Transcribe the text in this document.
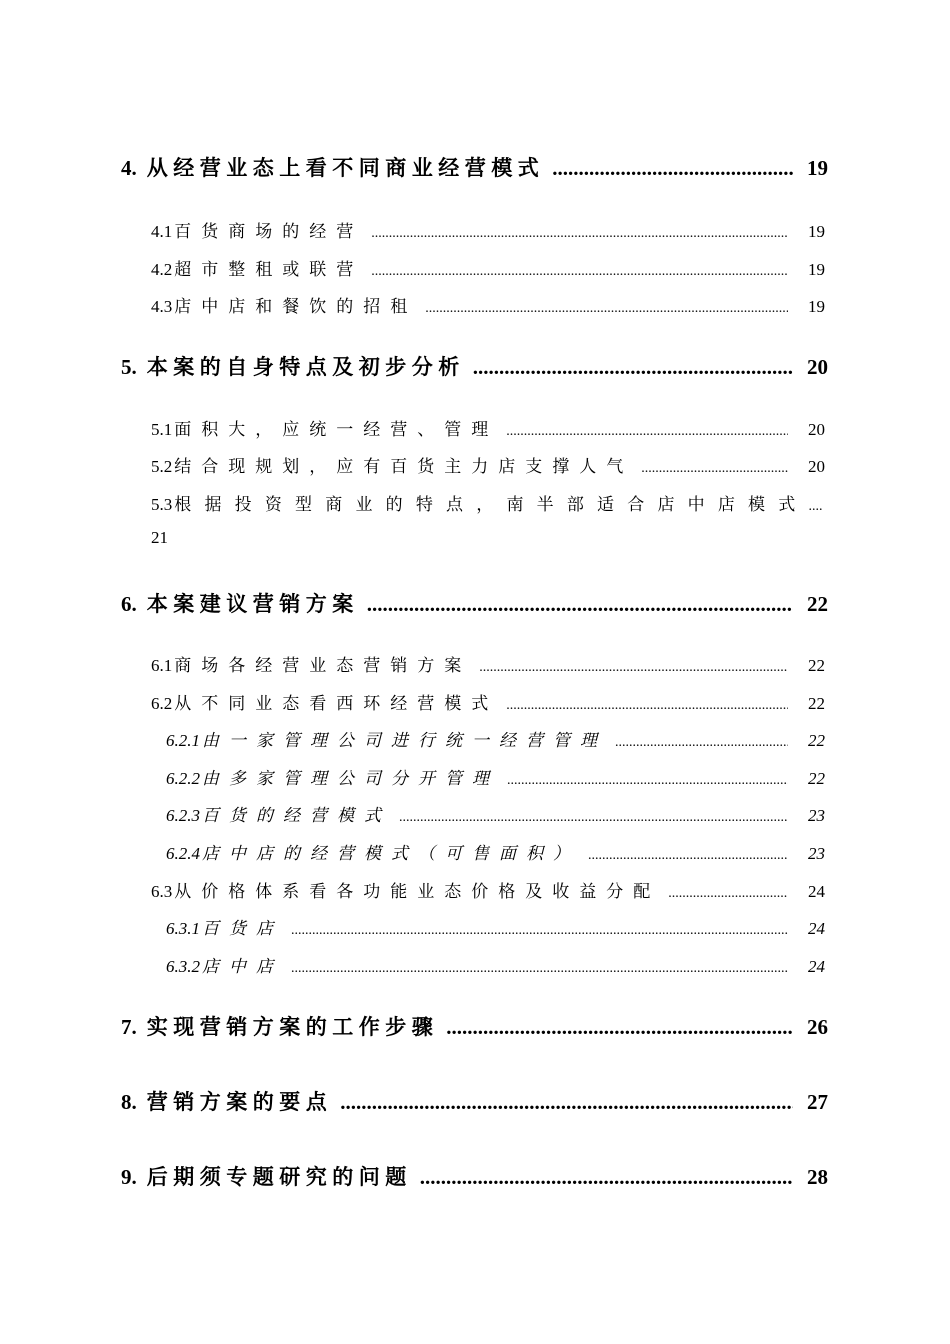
4. 从经营业态上看不同商业经营模式 .....	19
4.1 百货商场的经营 .....	19
4.2 超市整租或联营 .....	19
4.3 店中店和餐饮的招租 .....	19
5. 本案的自身特点及初步分析 .....	20
5.1 面积大，应统一经营、管理 .....	20
5.2 结合现规划，应有百货主力店支撑人气 .....	20
5.3 根据投资型商业的特点，南半部适合店中店模式 ....
21
6. 本案建议营销方案 .....	22
6.1 商场各经营业态营销方案 .....	22
6.2 从不同业态看西环经营模式 .....	22
6.2.1 由一家管理公司进行统一经营管理 .....	22
6.2.2 由多家管理公司分开管理 .....	22
6.2.3 百货的经营模式 .....	23
6.2.4 店中店的经营模式（可售面积） .....	23
6.3 从价格体系看各功能业态价格及收益分配 .....	24
6.3.1 百货店 .....	24
6.3.2 店中店 .....	24
7. 实现营销方案的工作步骤 .....	26
8. 营销方案的要点 .....	27
9. 后期须专题研究的问题 .....	28
